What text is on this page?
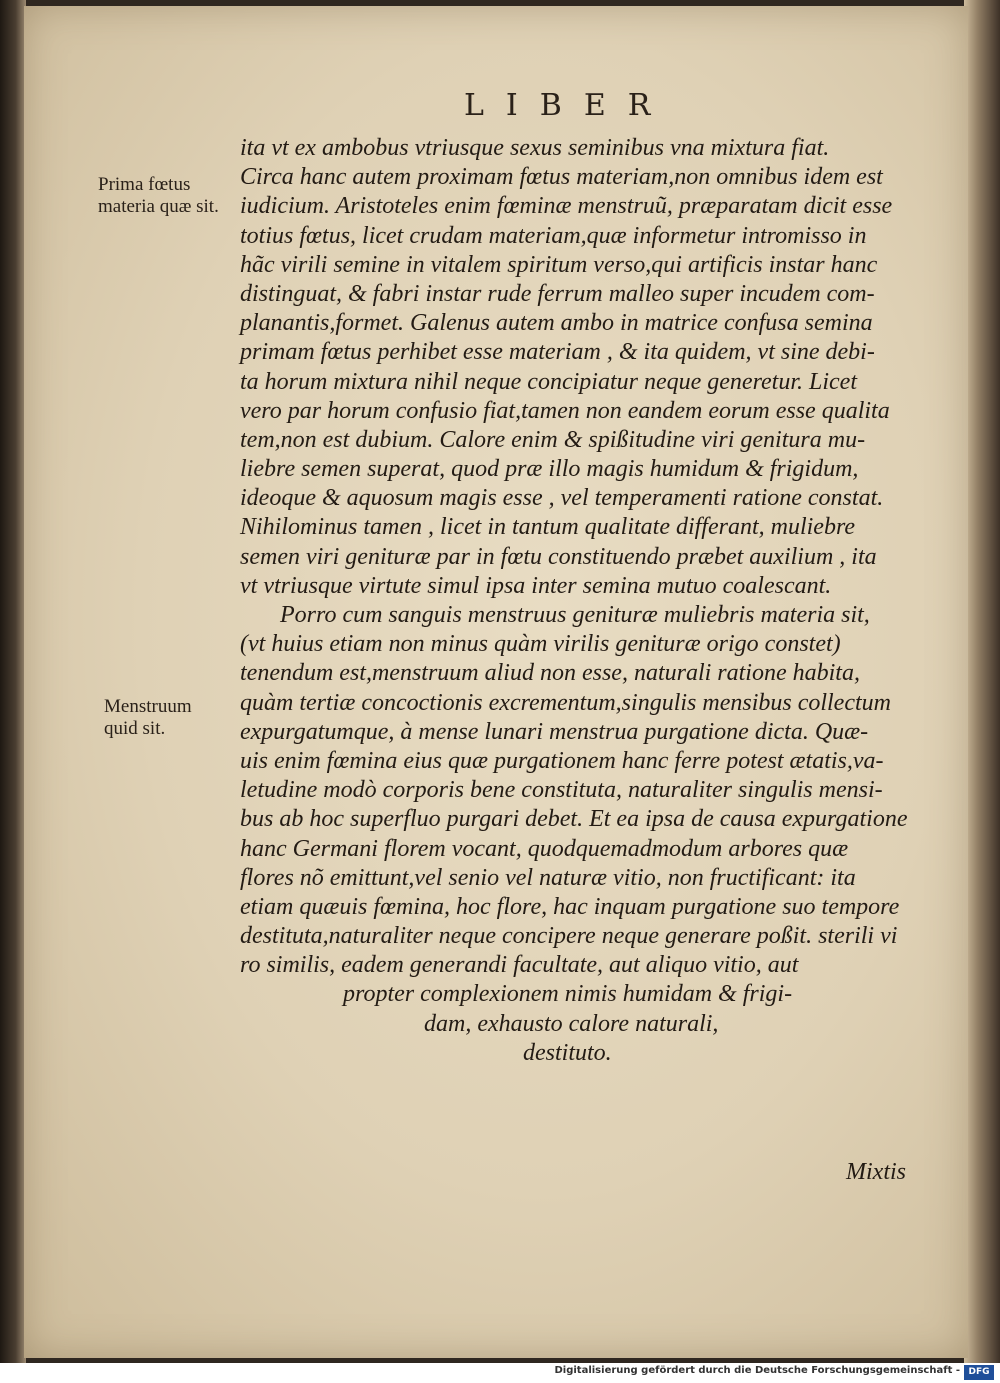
LIBER
Prima fœtus materia quæ sit.
Menstruum quid sit.
ita vt ex ambobus vtriusque sexus seminibus vna mixtura fiat.
Circa hanc autem proximam fœtus materiam,non omnibus idem est
iudicium. Aristoteles enim fœminæ menstruũ, præparatam dicit esse
totius fœtus, licet crudam materiam,quæ informetur intromisso in
hãc virili semine in vitalem spiritum verso,qui artificis instar hanc
distinguat, & fabri instar rude ferrum malleo super incudem com-
planantis,formet. Galenus autem ambo in matrice confusa semina
primam fœtus perhibet esse materiam , & ita quidem, vt sine debi-
ta horum mixtura nihil neque concipiatur neque generetur. Licet
vero par horum confusio fiat,tamen non eandem eorum esse qualita
tem,non est dubium. Calore enim & spißitudine viri genitura mu-
liebre semen superat, quod præ illo magis humidum & frigidum,
ideoque & aquosum magis esse , vel temperamenti ratione constat.
Nihilominus tamen , licet in tantum qualitate differant, muliebre
semen viri genituræ par in fœtu constituendo præbet auxilium , ita
vt vtriusque virtute simul ipsa inter semina mutuo coalescant.
Porro cum sanguis menstruus genituræ muliebris materia sit,
(vt huius etiam non minus quàm virilis genituræ origo constet)
tenendum est,menstruum aliud non esse, naturali ratione habita,
quàm tertiæ concoctionis excrementum,singulis mensibus collectum
expurgatumque, à mense lunari menstrua purgatione dicta. Quæ-
uis enim fœmina eius quæ purgationem hanc ferre potest ætatis,va-
letudine modò corporis bene constituta, naturaliter singulis mensi-
bus ab hoc superfluo purgari debet. Et ea ipsa de causa expurgatione
hanc Germani florem vocant, quodquemadmodum arbores quæ
flores nõ emittunt,vel senio vel naturæ vitio, non fructificant: ita
etiam quæuis fœmina, hoc flore, hac inquam purgatione suo tempore
destituta,naturaliter neque concipere neque generare poßit. sterili vi
ro similis, eadem generandi facultate, aut aliquo vitio, aut
propter complexionem nimis humidam & frigi-
dam, exhausto calore naturali,
destituto.
Mixtis
Digitalisierung gefördert durch die Deutsche Forschungsgemeinschaft - DFG
